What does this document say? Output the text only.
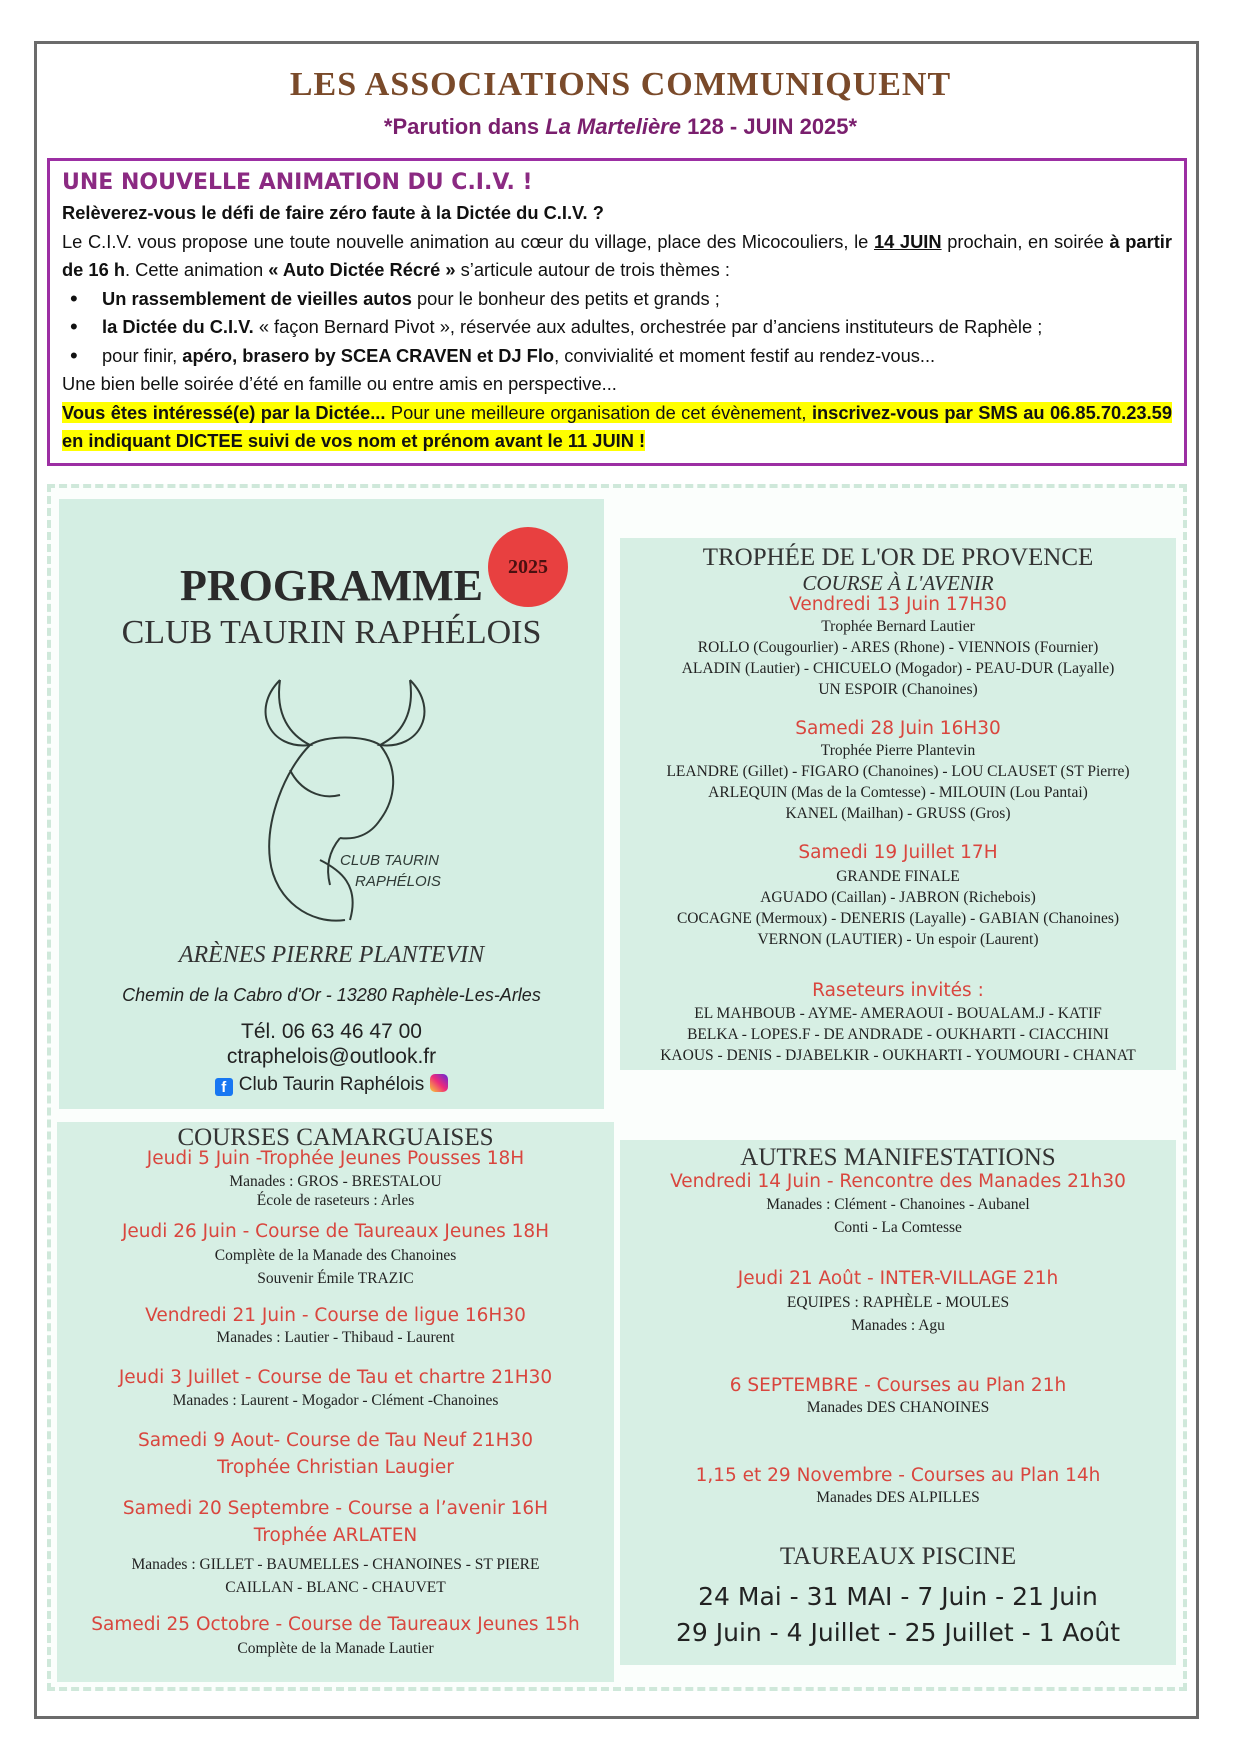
LES ASSOCIATIONS COMMUNIQUENT
*Parution dans La Martelière 128 - JUIN 2025*
UNE NOUVELLE ANIMATION DU C.I.V. !

Relèverez-vous le défi de faire zéro faute à la Dictée du C.I.V. ?

Le C.I.V. vous propose une toute nouvelle animation au cœur du village, place des Micocouliers, le 14 JUIN prochain, en soirée à partir de 16 h. Cette animation « Auto Dictée Récré » s’articule autour de trois thèmes :

• Un rassemblement de vieilles autos pour le bonheur des petits et grands ;
• la Dictée du C.I.V. « façon Bernard Pivot », réservée aux adultes, orchestrée par d’anciens instituteurs de Raphèle ;
• pour finir, apéro, brasero by SCEA CRAVEN et DJ Flo, convivialité et moment festif au rendez-vous...

Une bien belle soirée d’été en famille ou entre amis en perspective...

Vous êtes intéressé(e) par la Dictée... Pour une meilleure organisation de cet évènement, inscrivez-vous par SMS au 06.85.70.23.59 en indiquant DICTEE suivi de vos nom et prénom avant le 11 JUIN !

2025
PROGRAMME
CLUB TAURIN RAPHÉLOIS
CLUB TAURIN
RAPHÉLOIS
ARÈNES PIERRE PLANTEVIN
Chemin de la Cabro d'Or - 13280 Raphèle-Les-Arles
Tél. 06 63 46 47 00
ctraphelois@outlook.fr
f Club Taurin Raphélois
TROPHÉE DE L'OR DE PROVENCE
COURSE À L'AVENIR
Vendredi 13 Juin 17H30
Trophée Bernard Lautier
ROLLO (Cougourlier) - ARES (Rhone) - VIENNOIS (Fournier)
ALADIN (Lautier) - CHICUELO (Mogador) - PEAU-DUR (Layalle)
UN ESPOIR (Chanoines)
Samedi 28 Juin 16H30
Trophée Pierre Plantevin
LEANDRE (Gillet) - FIGARO (Chanoines) - LOU CLAUSET (ST Pierre)
ARLEQUIN (Mas de la Comtesse) - MILOUIN (Lou Pantai)
KANEL (Mailhan) - GRUSS (Gros)
Samedi 19 Juillet 17H
GRANDE FINALE
AGUADO (Caillan) - JABRON (Richebois)
COCAGNE (Mermoux) - DENERIS (Layalle) - GABIAN (Chanoines)
VERNON (LAUTIER) - Un espoir (Laurent)
Raseteurs invités :
EL MAHBOUB - AYME- AMERAOUI - BOUALAM.J - KATIF
BELKA - LOPES.F - DE ANDRADE - OUKHARTI - CIACCHINI
KAOUS - DENIS - DJABELKIR - OUKHARTI - YOUMOURI - CHANAT
COURSES CAMARGUAISES
Jeudi 5 Juin -Trophée Jeunes Pousses 18H
Manades : GROS - BRESTALOU
École de raseteurs : Arles
Jeudi 26 Juin - Course de Taureaux Jeunes 18H
Complète de la Manade des Chanoines
Souvenir Émile TRAZIC
Vendredi 21 Juin - Course de ligue 16H30
Manades : Lautier - Thibaud - Laurent
Jeudi 3 Juillet - Course de Tau et chartre 21H30
Manades : Laurent - Mogador - Clément -Chanoines
Samedi 9 Aout- Course de Tau Neuf 21H30
Trophée Christian Laugier
Samedi 20 Septembre - Course a l’avenir 16H
Trophée ARLATEN
Manades : GILLET - BAUMELLES - CHANOINES - ST PIERE
CAILLAN - BLANC - CHAUVET
Samedi 25 Octobre - Course de Taureaux Jeunes 15h
Complète de la Manade Lautier
AUTRES MANIFESTATIONS
Vendredi 14 Juin - Rencontre des Manades 21h30
Manades : Clément - Chanoines - Aubanel
Conti - La Comtesse
Jeudi 21 Août - INTER-VILLAGE 21h
EQUIPES : RAPHÈLE - MOULES
Manades : Agu
6 SEPTEMBRE - Courses au Plan 21h
Manades DES CHANOINES
1,15 et 29 Novembre - Courses au Plan 14h
Manades DES ALPILLES
TAUREAUX PISCINE
24 Mai - 31 MAI - 7 Juin - 21 Juin
29 Juin - 4 Juillet - 25 Juillet - 1 Août
